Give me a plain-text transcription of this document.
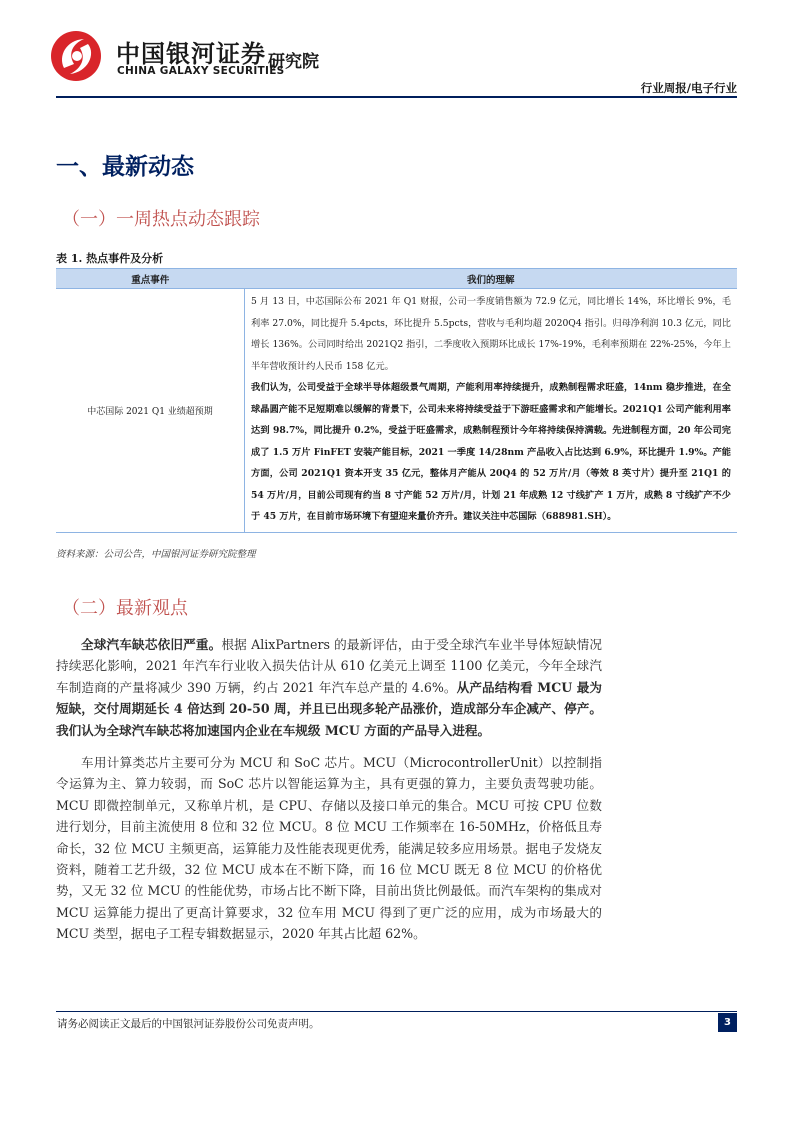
中国银河证券
CHINA GALAXY SECURITIES
研究院
行业周报/电子行业
一、最新动态
（一）一周热点动态跟踪
表 1. 热点事件及分析
重点事件	我们的理解
中芯国际 2021 Q1 业绩超预期	5 月 13 日，中芯国际公布 2021 年 Q1 财报，公司一季度销售额为 72.9 亿元，同比增长 14%，环比增长 9%，毛利率 27.0%，同比提升 5.4pcts，环比提升 5.5pcts，营收与毛利均超 2020Q4 指引。归母净利润 10.3 亿元，同比增长 136%。公司同时给出 2021Q2 指引，二季度收入预期环比成长 17%-19%，毛利率预期在 22%-25%，今年上半年营收预计约人民币 158 亿元。
我们认为，公司受益于全球半导体超级景气周期，产能利用率持续提升，成熟制程需求旺盛，14nm 稳步推进，在全球晶圆产能不足短期难以缓解的背景下，公司未来将持续受益于下游旺盛需求和产能增长。2021Q1 公司产能利用率达到 98.7%，同比提升 0.2%，受益于旺盛需求，成熟制程预计今年将持续保持满载。先进制程方面，20 年公司完成了 1.5 万片 FinFET 安装产能目标，2021 一季度 14/28nm 产品收入占比达到 6.9%，环比提升 1.9%。产能方面，公司 2021Q1 资本开支 35 亿元，整体月产能从 20Q4 的 52 万片/月（等效 8 英寸片）提升至 21Q1 的 54 万片/月，目前公司现有约当 8 寸产能 52 万片/月，计划 21 年成熟 12 寸线扩产 1 万片，成熟 8 寸线扩产不少于 45 万片，在目前市场环境下有望迎来量价齐升。建议关注中芯国际（688981.SH）。
资料来源：公司公告，中国银河证券研究院整理
（二）最新观点
全球汽车缺芯依旧严重。根据 AlixPartners 的最新评估，由于受全球汽车业半导体短缺情况持续恶化影响，2021 年汽车行业收入损失估计从 610 亿美元上调至 1100 亿美元，今年全球汽车制造商的产量将减少 390 万辆，约占 2021 年汽车总产量的 4.6%。从产品结构看 MCU 最为短缺，交付周期延长 4 倍达到 20-50 周，并且已出现多轮产品涨价，造成部分车企减产、停产。我们认为全球汽车缺芯将加速国内企业在车规级 MCU 方面的产品导入进程。
车用计算类芯片主要可分为 MCU 和 SoC 芯片。MCU（MicrocontrollerUnit）以控制指令运算为主、算力较弱，而 SoC 芯片以智能运算为主，具有更强的算力，主要负责驾驶功能。MCU 即微控制单元，又称单片机，是 CPU、存储以及接口单元的集合。MCU 可按 CPU 位数进行划分，目前主流使用 8 位和 32 位 MCU。8 位 MCU 工作频率在 16-50MHz，价格低且寿命长，32 位 MCU 主频更高，运算能力及性能表现更优秀，能满足较多应用场景。据电子发烧友资料，随着工艺升级，32 位 MCU 成本在不断下降，而 16 位 MCU 既无 8 位 MCU 的价格优势，又无 32 位 MCU 的性能优势，市场占比不断下降，目前出货比例最低。而汽车架构的集成对 MCU 运算能力提出了更高计算要求，32 位车用 MCU 得到了更广泛的应用，成为市场最大的 MCU 类型，据电子工程专辑数据显示，2020 年其占比超 62%。
请务必阅读正文最后的中国银河证券股份公司免责声明。	3
